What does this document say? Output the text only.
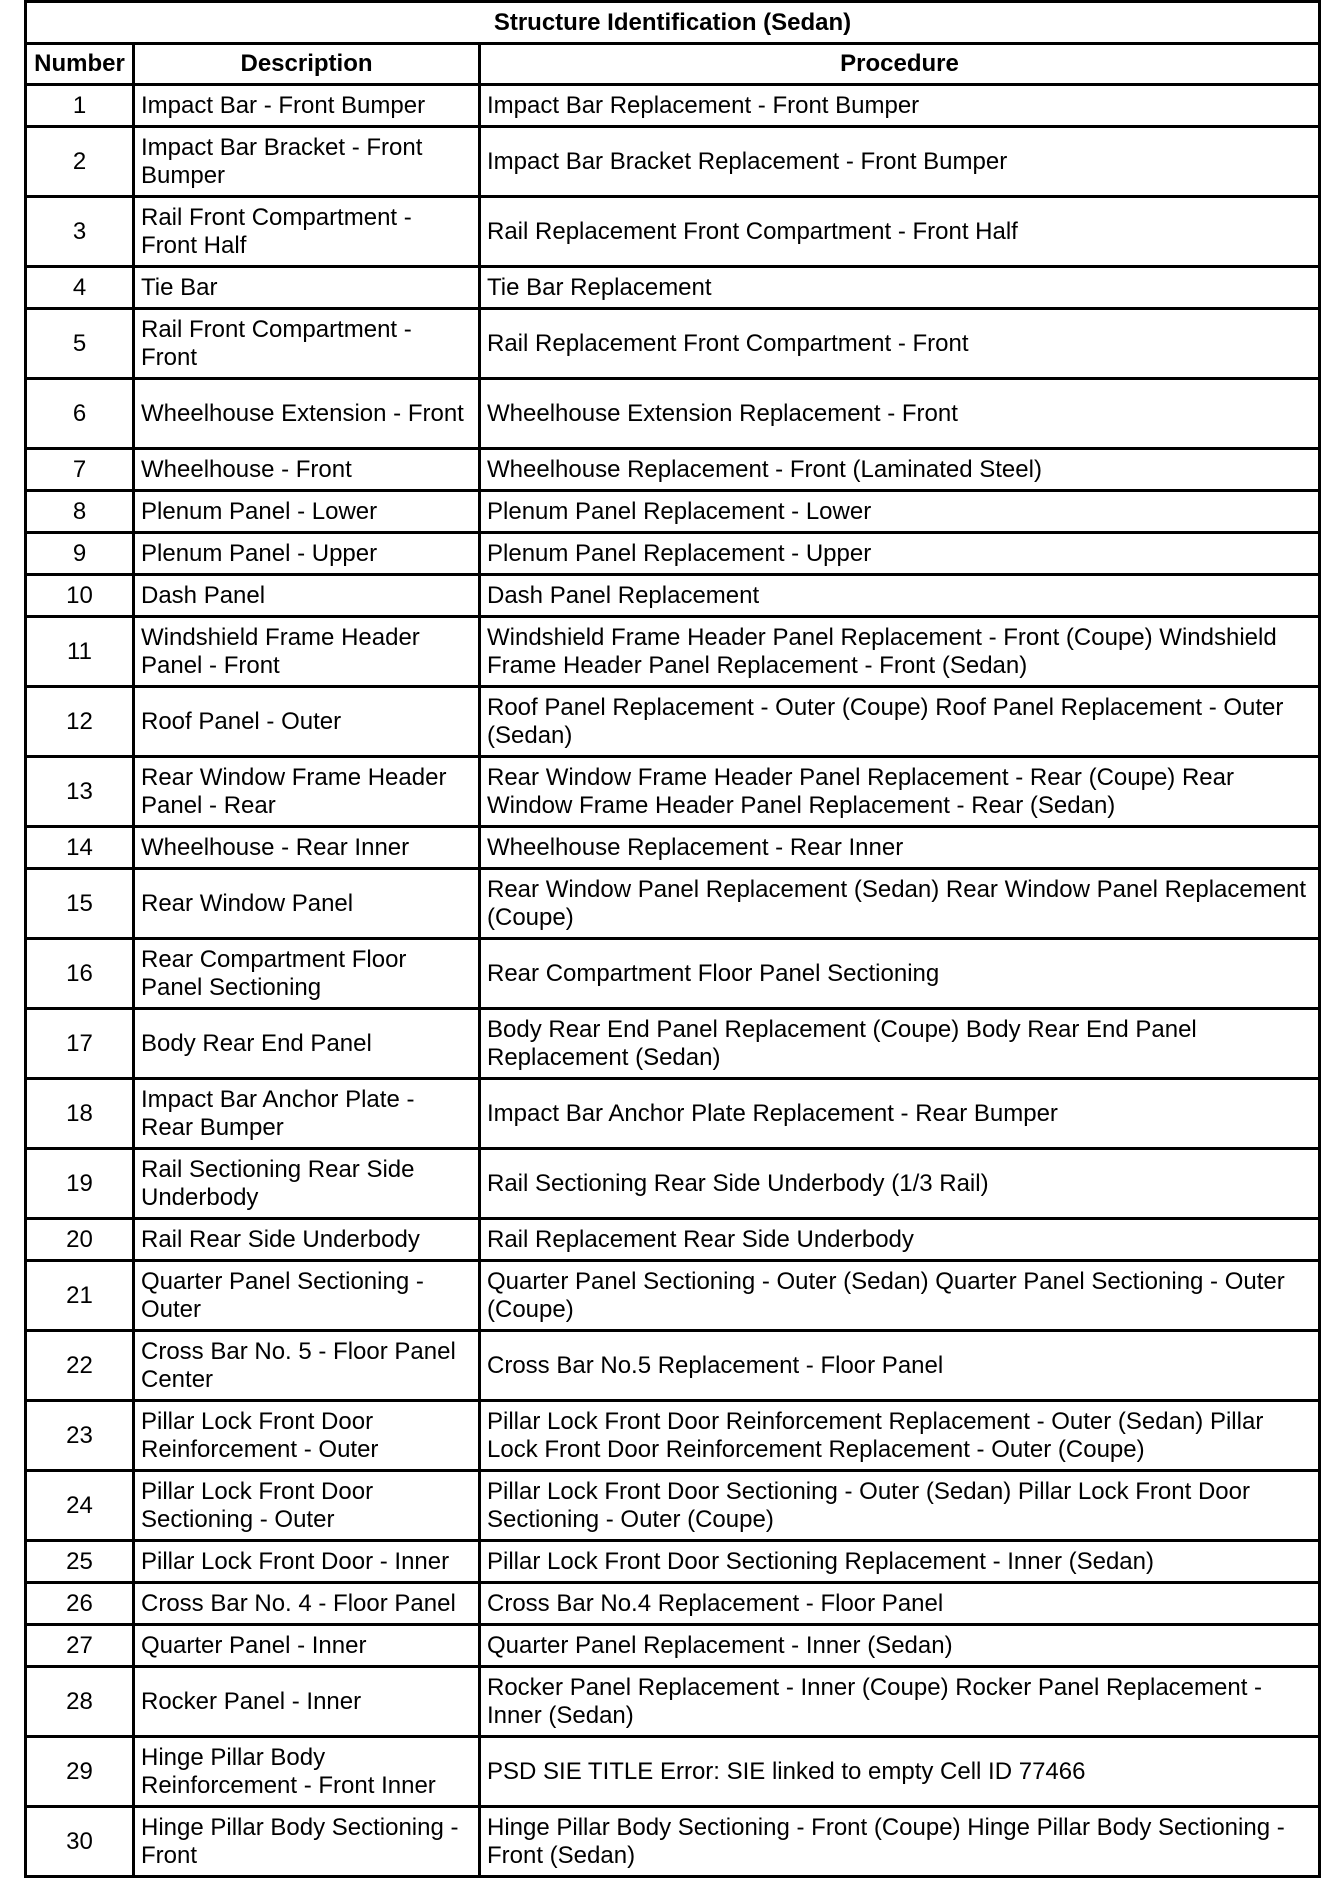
Structure Identification (Sedan)		
Number	Description	Procedure
1	Impact Bar - Front Bumper	Impact Bar Replacement - Front Bumper
2	Impact Bar Bracket - Front Bumper	Impact Bar Bracket Replacement - Front Bumper
3	Rail Front Compartment - Front Half	Rail Replacement Front Compartment - Front Half
4	Tie Bar	Tie Bar Replacement
5	Rail Front Compartment - Front	Rail Replacement Front Compartment - Front
6	Wheelhouse Extension - Front	Wheelhouse Extension Replacement - Front
7	Wheelhouse - Front	Wheelhouse Replacement - Front (Laminated Steel)
8	Plenum Panel - Lower	Plenum Panel Replacement - Lower
9	Plenum Panel - Upper	Plenum Panel Replacement - Upper
10	Dash Panel	Dash Panel Replacement
11	Windshield Frame Header Panel - Front	Windshield Frame Header Panel Replacement - Front (Coupe) Windshield Frame Header Panel Replacement - Front (Sedan)
12	Roof Panel - Outer	Roof Panel Replacement - Outer (Coupe) Roof Panel Replacement - Outer (Sedan)
13	Rear Window Frame Header Panel - Rear	Rear Window Frame Header Panel Replacement - Rear (Coupe) Rear Window Frame Header Panel Replacement - Rear (Sedan)
14	Wheelhouse - Rear Inner	Wheelhouse Replacement - Rear Inner
15	Rear Window Panel	Rear Window Panel Replacement (Sedan) Rear Window Panel Replacement (Coupe)
16	Rear Compartment Floor Panel Sectioning	Rear Compartment Floor Panel Sectioning
17	Body Rear End Panel	Body Rear End Panel Replacement (Coupe) Body Rear End Panel Replacement (Sedan)
18	Impact Bar Anchor Plate - Rear Bumper	Impact Bar Anchor Plate Replacement - Rear Bumper
19	Rail Sectioning Rear Side Underbody	Rail Sectioning Rear Side Underbody (1/3 Rail)
20	Rail Rear Side Underbody	Rail Replacement Rear Side Underbody
21	Quarter Panel Sectioning - Outer	Quarter Panel Sectioning - Outer (Sedan) Quarter Panel Sectioning - Outer (Coupe)
22	Cross Bar No. 5 - Floor Panel Center	Cross Bar No.5 Replacement - Floor Panel
23	Pillar Lock Front Door Reinforcement - Outer	Pillar Lock Front Door Reinforcement Replacement - Outer (Sedan) Pillar Lock Front Door Reinforcement Replacement - Outer (Coupe)
24	Pillar Lock Front Door Sectioning - Outer	Pillar Lock Front Door Sectioning - Outer (Sedan) Pillar Lock Front Door Sectioning - Outer (Coupe)
25	Pillar Lock Front Door - Inner	Pillar Lock Front Door Sectioning Replacement - Inner (Sedan)
26	Cross Bar No. 4 - Floor Panel	Cross Bar No.4 Replacement - Floor Panel
27	Quarter Panel - Inner	Quarter Panel Replacement - Inner (Sedan)
28	Rocker Panel - Inner	Rocker Panel Replacement - Inner (Coupe) Rocker Panel Replacement - Inner (Sedan)
29	Hinge Pillar Body Reinforcement - Front Inner	PSD SIE TITLE Error: SIE linked to empty Cell ID 77466
30	Hinge Pillar Body Sectioning - Front	Hinge Pillar Body Sectioning - Front (Coupe) Hinge Pillar Body Sectioning - Front (Sedan)
